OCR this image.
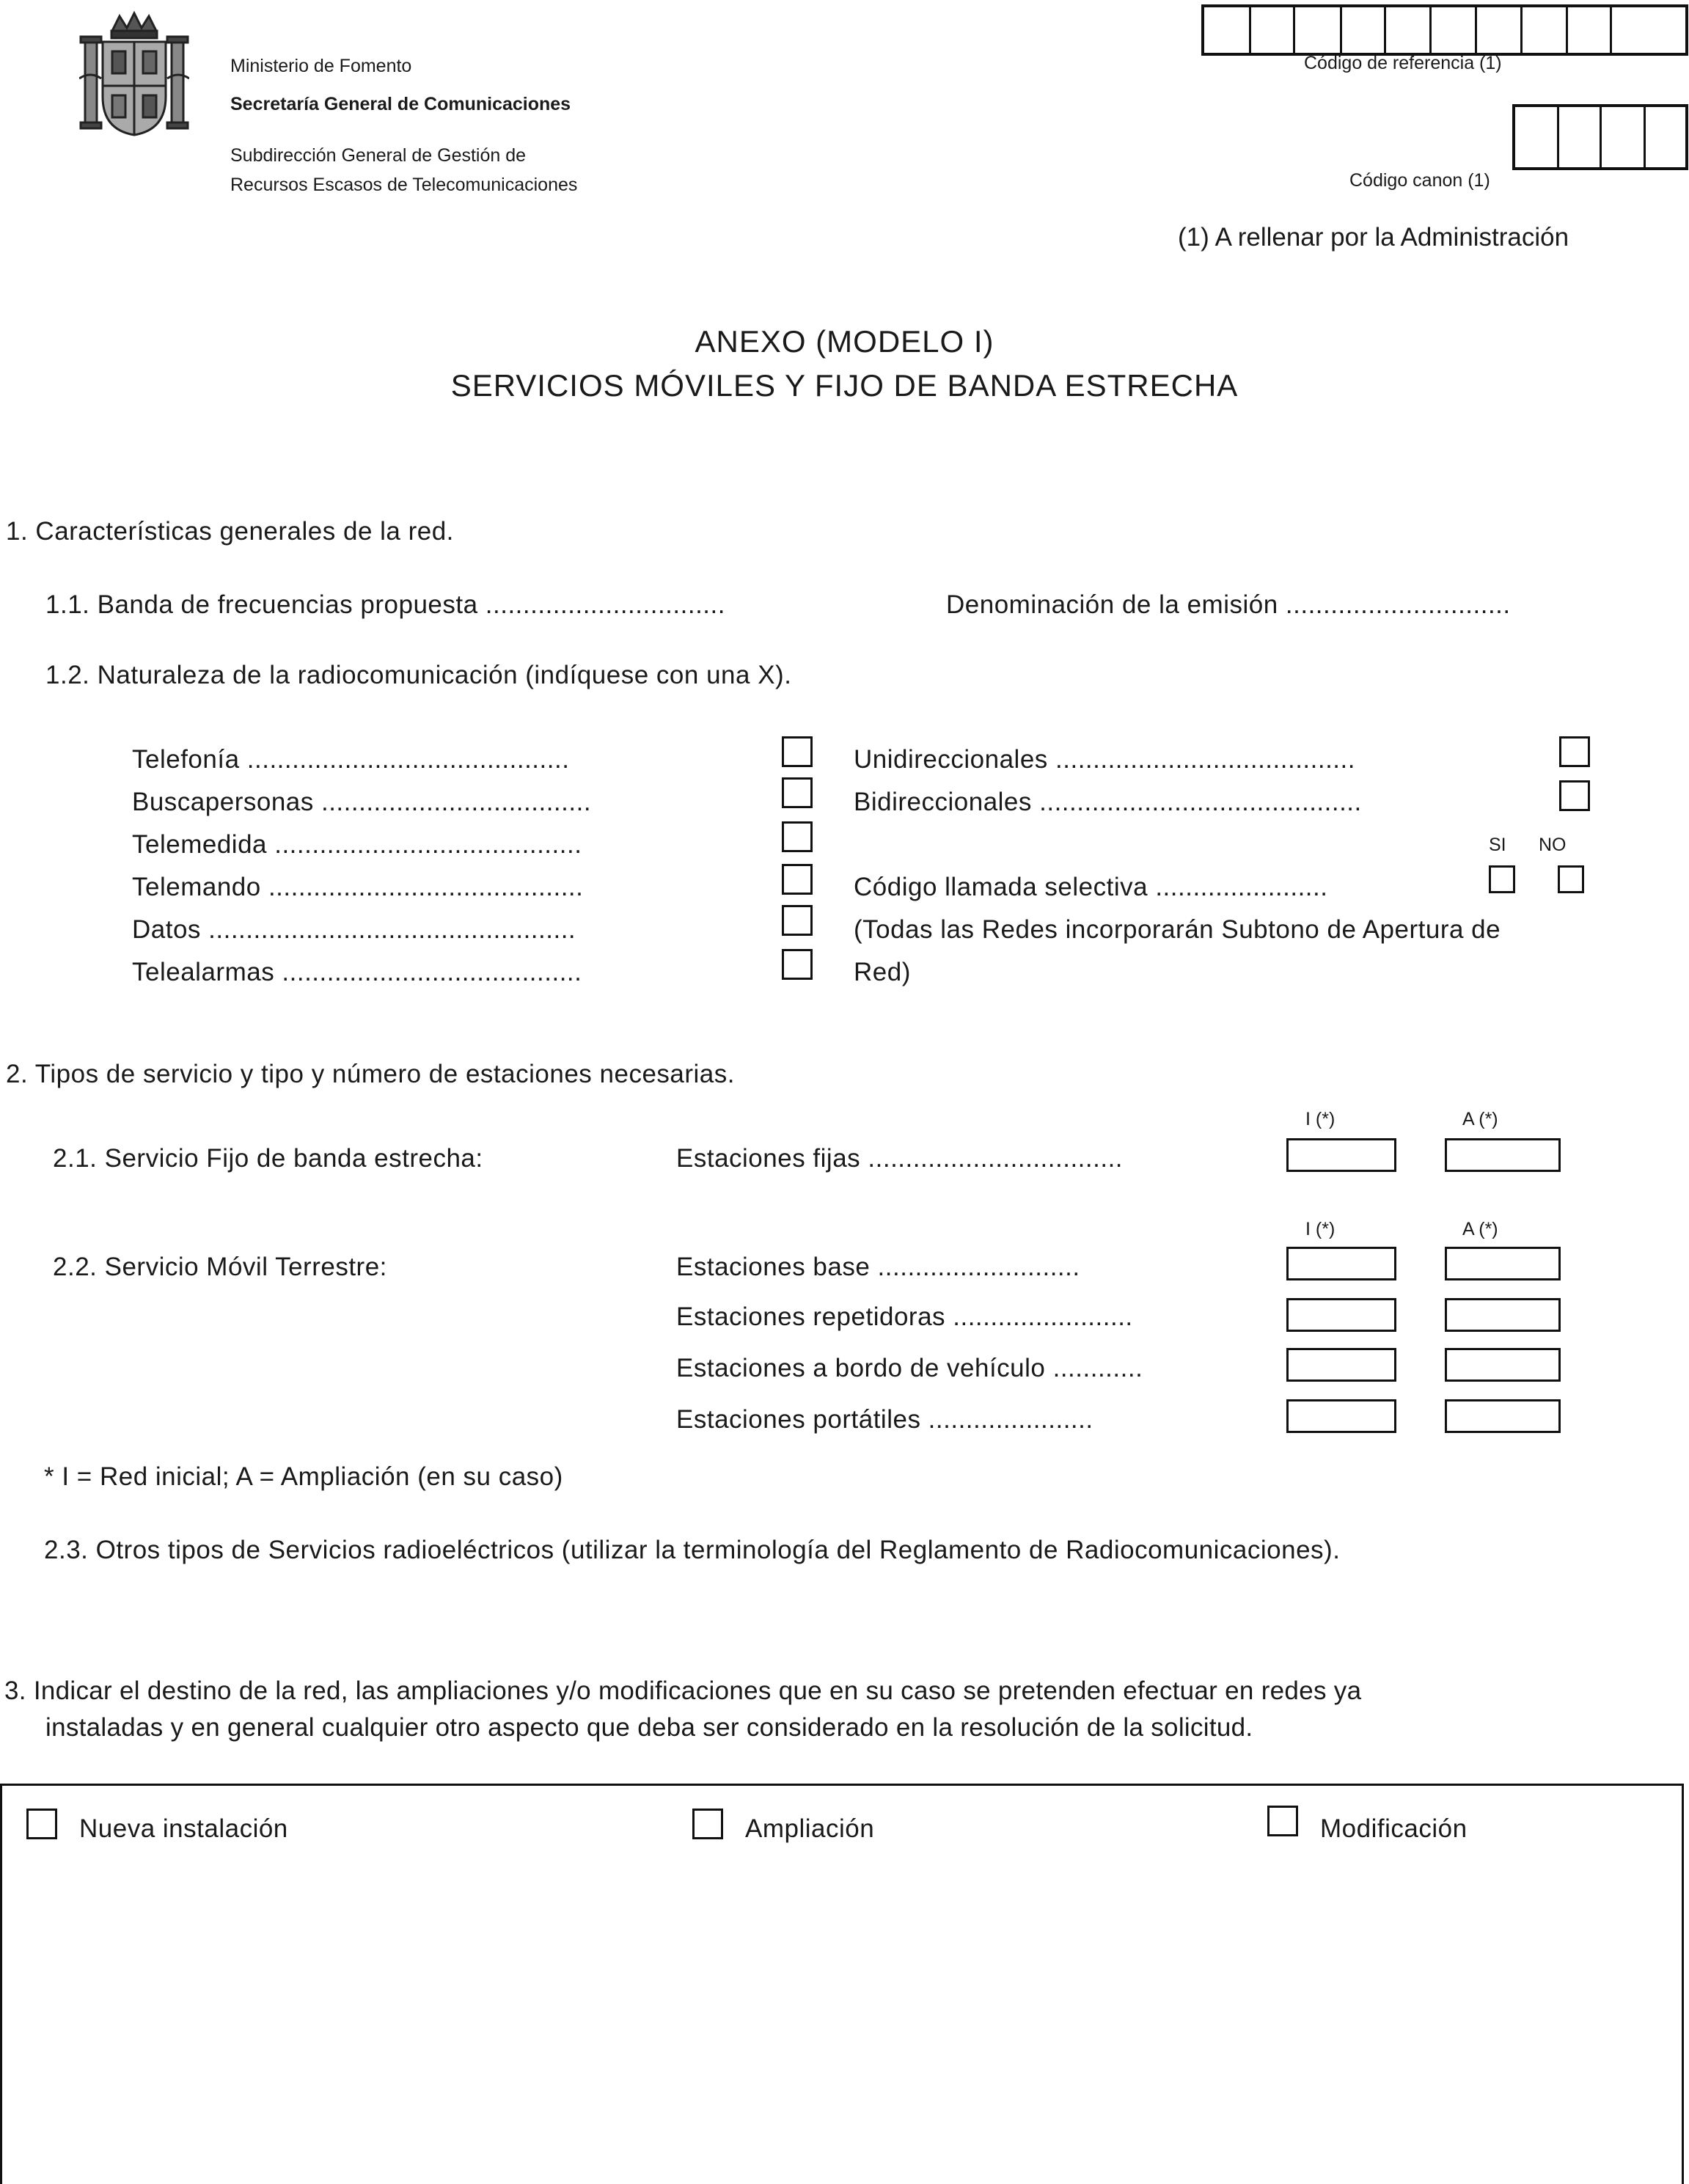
Ministerio de Fomento
Secretaría General de Comunicaciones
Subdirección General de Gestión de
Recursos Escasos de Telecomunicaciones
Código de referencia (1)
Código canon (1)
(1) A rellenar por la Administración
ANEXO (MODELO I)
SERVICIOS MÓVILES Y FIJO DE BANDA ESTRECHA
1. Características generales de la red.
1.1. Banda de frecuencias propuesta ................................	Denominación de la emisión ..............................
1.2. Naturaleza de la radiocomunicación (indíquese con una X).
Telefonía ...........................................
Buscapersonas ....................................
Telemedida .........................................
Telemando ..........................................
Datos .................................................
Telealarmas ........................................
Unidireccionales ........................................
Bidireccionales ...........................................
SI NO
Código llamada selectiva .......................
(Todas las Redes incorporarán Subtono de Apertura de
Red)
2. Tipos de servicio y tipo y número de estaciones necesarias.
I (*)	A (*)
2.1. Servicio Fijo de banda estrecha:	Estaciones fijas ..................................
I (*)	A (*)
2.2. Servicio Móvil Terrestre:	Estaciones base ...........................
Estaciones repetidoras ........................
Estaciones a bordo de vehículo ............
Estaciones portátiles ......................
* I = Red inicial; A = Ampliación (en su caso)
2.3. Otros tipos de Servicios radioeléctricos (utilizar la terminología del Reglamento de Radiocomunicaciones).
3. Indicar el destino de la red, las ampliaciones y/o modificaciones que en su caso se pretenden efectuar en redes ya
instaladas y en general cualquier otro aspecto que deba ser considerado en la resolución de la solicitud.
Nueva instalación	Ampliación	Modificación
